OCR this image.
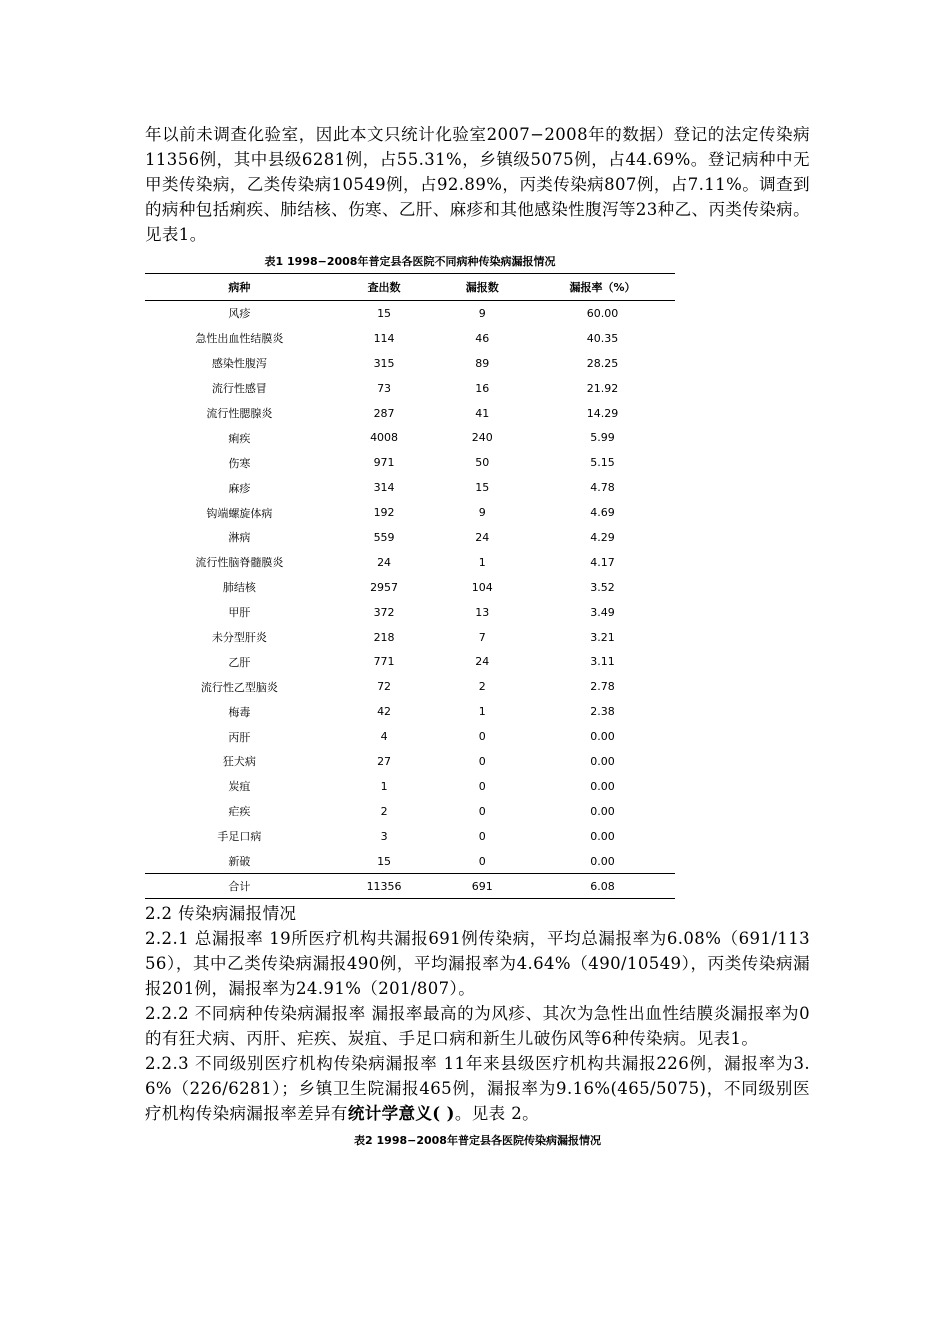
年以前未调查化验室，因此本文只统计化验室2007−2008年的数据）登记的法定传染病11356例，其中县级6281例，占55.31%，乡镇级5075例，占44.69%。登记病种中无甲类传染病，乙类传染病10549例，占92.89%，丙类传染病807例，占7.11%。调查到的病种包括痢疾、肺结核、伤寒、乙肝、麻疹和其他感染性腹泻等23种乙、丙类传染病。见表1。

表1 1998−2008年普定县各医院不同病种传染病漏报情况
病种	查出数	漏报数	漏报率（%）
风疹	15	9	60.00
急性出血性结膜炎	114	46	40.35
感染性腹泻	315	89	28.25
流行性感冒	73	16	21.92
流行性腮腺炎	287	41	14.29
痢疾	4008	240	5.99
伤寒	971	50	5.15
麻疹	314	15	4.78
钩端螺旋体病	192	9	4.69
淋病	559	24	4.29
流行性脑脊髓膜炎	24	1	4.17
肺结核	2957	104	3.52
甲肝	372	13	3.49
未分型肝炎	218	7	3.21
乙肝	771	24	3.11
流行性乙型脑炎	72	2	2.78
梅毒	42	1	2.38
丙肝	4	0	0.00
狂犬病	27	0	0.00
炭疽	1	0	0.00
疟疾	2	0	0.00
手足口病	3	0	0.00
新破	15	0	0.00
合计	11356	691	6.08

2.2 传染病漏报情况

2.2.1 总漏报率 19所医疗机构共漏报691例传染病，平均总漏报率为6.08%（691/11356），其中乙类传染病漏报490例，平均漏报率为4.64%（490/10549），丙类传染病漏报201例，漏报率为24.91%（201/807）。

2.2.2 不同病种传染病漏报率 漏报率最高的为风疹、其次为急性出血性结膜炎漏报率为0的有狂犬病、丙肝、疟疾、炭疽、手足口病和新生儿破伤风等6种传染病。见表1。

2.2.3 不同级别医疗机构传染病漏报率 11年来县级医疗机构共漏报226例，漏报率为3.6%（226/6281）；乡镇卫生院漏报465例，漏报率为9.16%(465/5075)，不同级别医疗机构传染病漏报率差异有统计学意义( )。见表 2。

表2 1998−2008年普定县各医院传染病漏报情况
